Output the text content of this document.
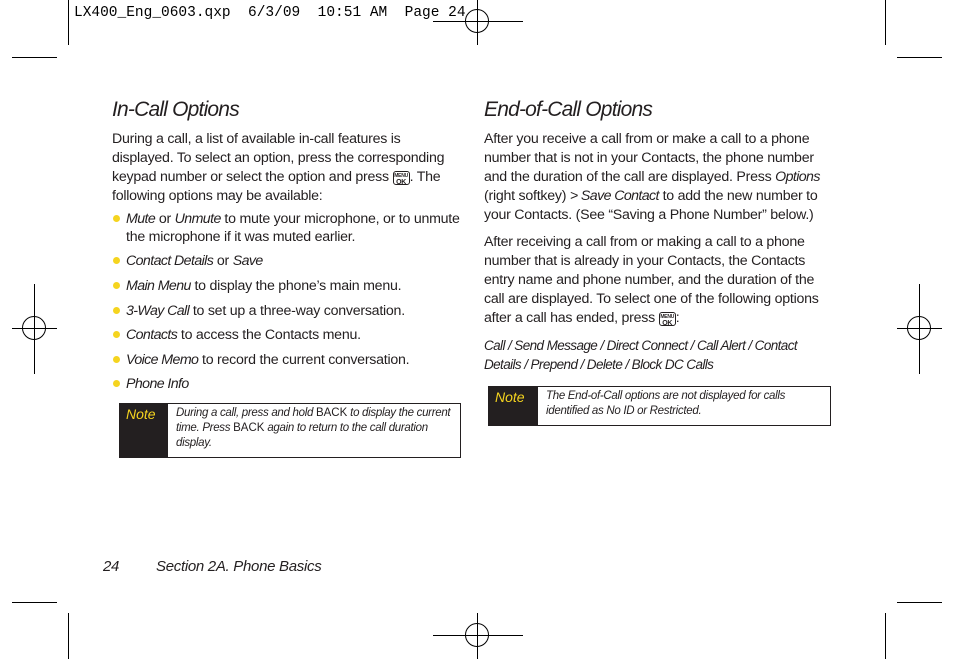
LX400_Eng_0603.qxp  6/3/09  10:51 AM  Page 24
In-Call Options

During a call, a list of available in-call features is displayed. To select an option, press the corresponding keypad number or select the option and press MENU
OK . The following options may be available:

Mute or Unmute to mute your microphone, or to unmute the microphone if it was muted earlier.
Contact Details or Save
Main Menu to display the phone’s main menu.
3-Way Call to set up a three-way conversation.
Contacts to access the Contacts menu.
Voice Memo to record the current conversation.
Phone Info
Note	During a call, press and hold BACK to display the current time. Press BACK again to return to the call duration display.
End-of-Call Options

After you receive a call from or make a call to a phone number that is not in your Contacts, the phone number and the duration of the call are displayed. Press Options (right softkey) > Save Contact to add the new number to your Contacts. (See “Saving a Phone Number” below.)

After receiving a call from or making a call to a phone number that is already in your Contacts, the Contacts entry name and phone number, and the duration of the call are displayed. To select one of the following options after a call has ended, press MENU
OK :

Call / Send Message / Direct Connect / Call Alert / Contact Details / Prepend / Delete / Block DC Calls
Note	The End-of-Call options are not displayed for calls identified as No ID or Restricted.
24 Section 2A. Phone Basics
